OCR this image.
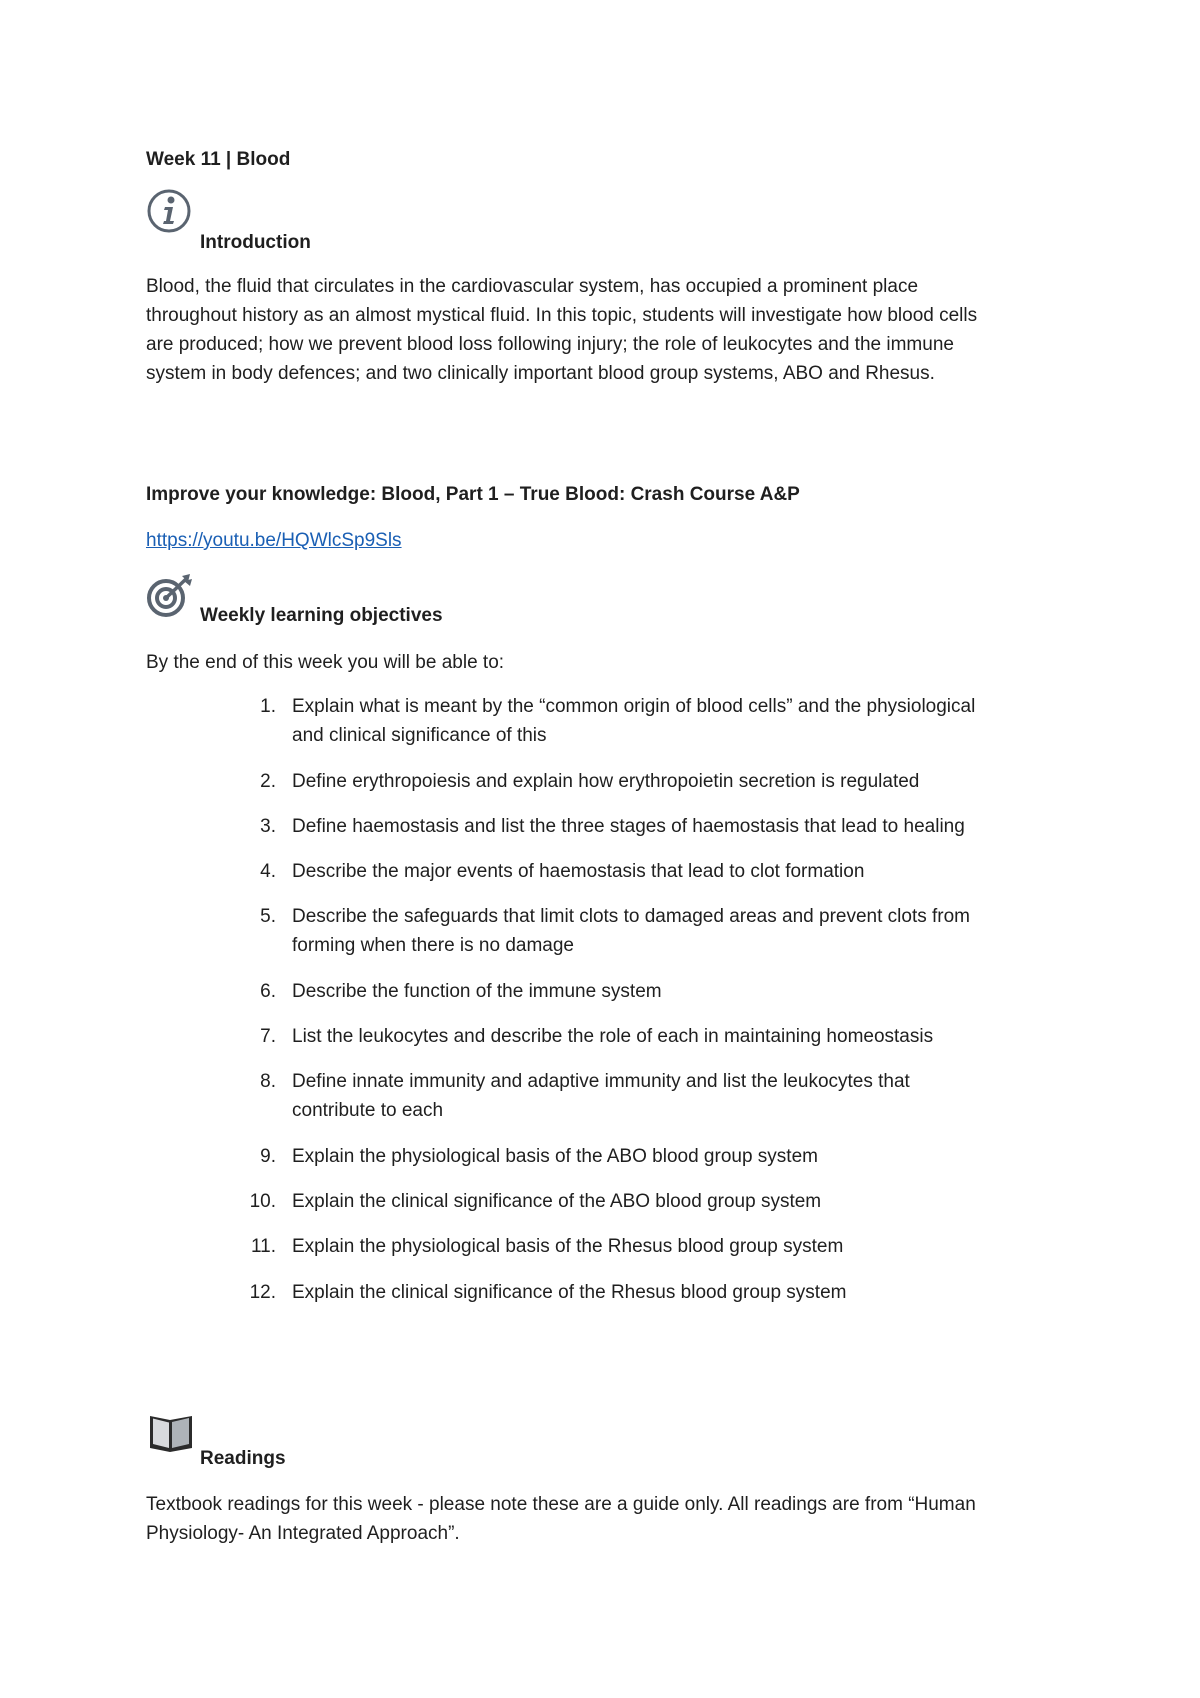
Week 11 | Blood
Introduction
Blood, the fluid that circulates in the cardiovascular system, has occupied a prominent place
throughout history as an almost mystical fluid. In this topic, students will investigate how blood cells
are produced; how we prevent blood loss following injury; the role of leukocytes and the immune
system in body defences; and two clinically important blood group systems, ABO and Rhesus.
Improve your knowledge: Blood, Part 1 – True Blood: Crash Course A&P
https://youtu.be/HQWlcSp9Sls
Weekly learning objectives
By the end of this week you will be able to:
1. Explain what is meant by the “common origin of blood cells” and the physiological
and clinical significance of this
2. Define erythropoiesis and explain how erythropoietin secretion is regulated
3. Define haemostasis and list the three stages of haemostasis that lead to healing
4. Describe the major events of haemostasis that lead to clot formation
5. Describe the safeguards that limit clots to damaged areas and prevent clots from
forming when there is no damage
6. Describe the function of the immune system
7. List the leukocytes and describe the role of each in maintaining homeostasis
8. Define innate immunity and adaptive immunity and list the leukocytes that
contribute to each
9. Explain the physiological basis of the ABO blood group system
10. Explain the clinical significance of the ABO blood group system
11. Explain the physiological basis of the Rhesus blood group system
12. Explain the clinical significance of the Rhesus blood group system
Readings
Textbook readings for this week - please note these are a guide only. All readings are from “Human
Physiology- An Integrated Approach”.
